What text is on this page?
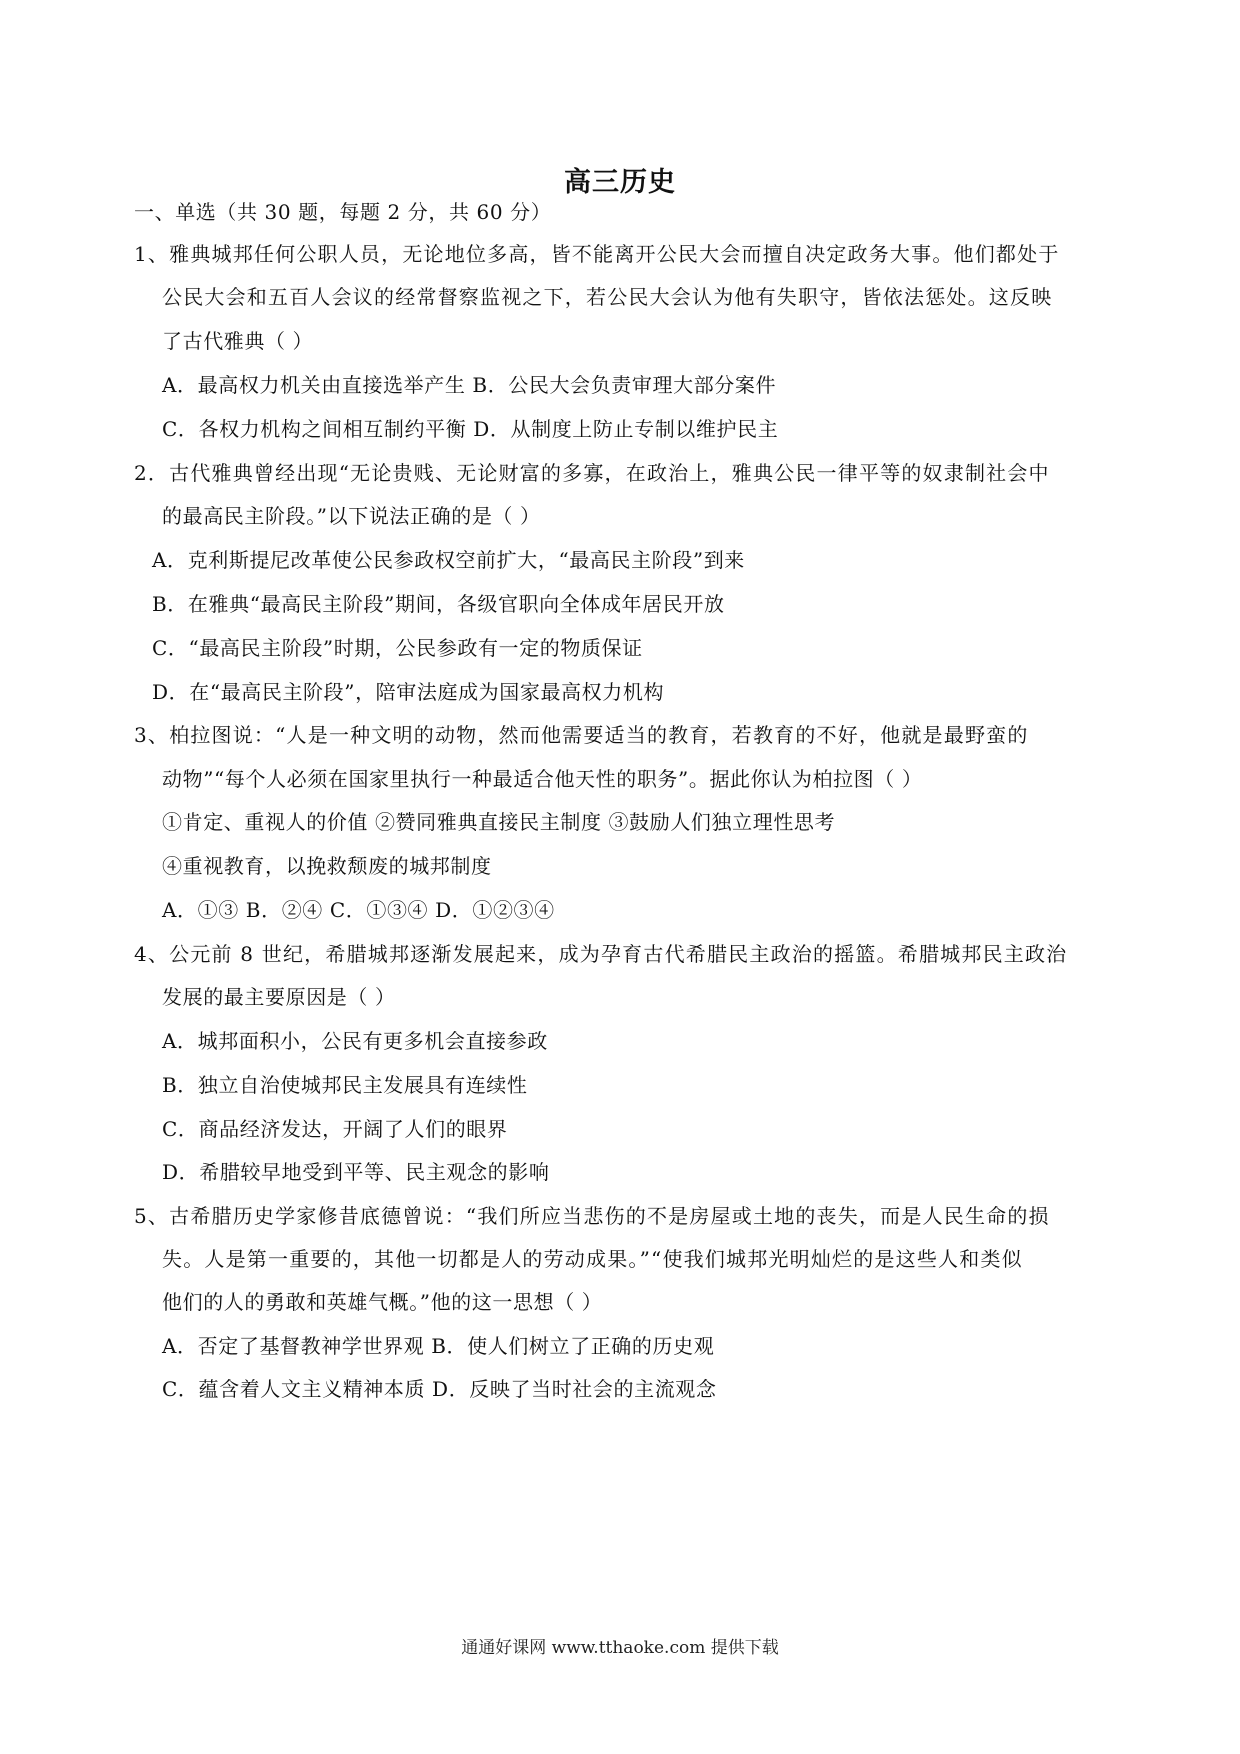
高三历史
一、单选（共 30 题，每题 2 分，共 60 分）
1、雅典城邦任何公职人员，无论地位多高，皆不能离开公民大会而擅自决定政务大事。他们都处于
公民大会和五百人会议的经常督察监视之下，若公民大会认为他有失职守，皆依法惩处。这反映
了古代雅典（ ）
A．最高权力机关由直接选举产生 B．公民大会负责审理大部分案件
C．各权力机构之间相互制约平衡 D．从制度上防止专制以维护民主
2．古代雅典曾经出现“无论贵贱、无论财富的多寡，在政治上，雅典公民一律平等的奴隶制社会中
的最高民主阶段。”以下说法正确的是（ ）
A．克利斯提尼改革使公民参政权空前扩大，“最高民主阶段”到来
B．在雅典“最高民主阶段”期间，各级官职向全体成年居民开放
C．“最高民主阶段”时期，公民参政有一定的物质保证
D．在“最高民主阶段”，陪审法庭成为国家最高权力机构
3、柏拉图说：“人是一种文明的动物，然而他需要适当的教育，若教育的不好，他就是最野蛮的
动物”“每个人必须在国家里执行一种最适合他天性的职务”。据此你认为柏拉图（ ）
①肯定、重视人的价值 ②赞同雅典直接民主制度 ③鼓励人们独立理性思考
④重视教育，以挽救颓废的城邦制度
A．①③ B．②④ C．①③④ D．①②③④
4、公元前 8 世纪，希腊城邦逐渐发展起来，成为孕育古代希腊民主政治的摇篮。希腊城邦民主政治
发展的最主要原因是（ ）
A．城邦面积小，公民有更多机会直接参政
B．独立自治使城邦民主发展具有连续性
C．商品经济发达，开阔了人们的眼界
D．希腊较早地受到平等、民主观念的影响
5、古希腊历史学家修昔底德曾说：“我们所应当悲伤的不是房屋或土地的丧失，而是人民生命的损
失。人是第一重要的，其他一切都是人的劳动成果。”“使我们城邦光明灿烂的是这些人和类似
他们的人的勇敢和英雄气概。”他的这一思想（ ）
A．否定了基督教神学世界观 B．使人们树立了正确的历史观
C．蕴含着人文主义精神本质 D．反映了当时社会的主流观念
通通好课网 www.tthaoke.com 提供下载
